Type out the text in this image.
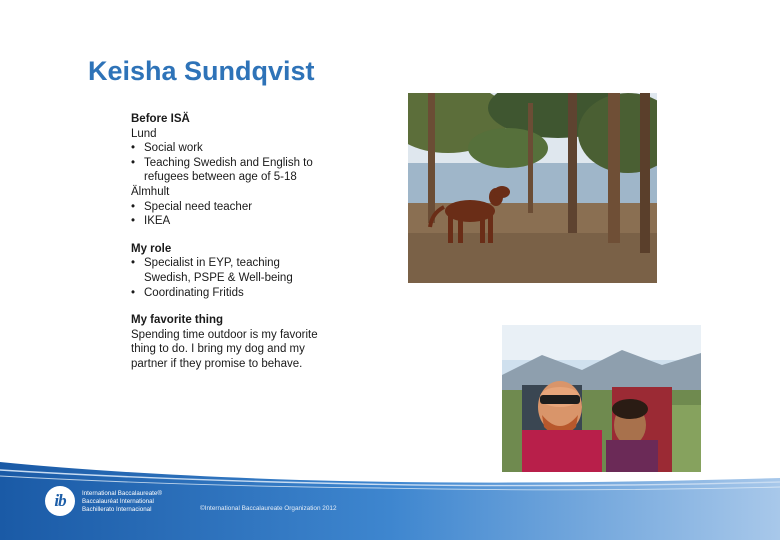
Keisha Sundqvist
Before ISÄ
Lund
• Social work
• Teaching Swedish and English to refugees between age of 5-18
Älmhult
• Special need teacher
• IKEA
My role
• Specialist in EYP, teaching Swedish, PSPE & Well-being
• Coordinating Fritids
My favorite thing
Spending time outdoor is my favorite thing to do. I bring my dog and my partner if they promise to behave.
ib	International Baccalaureate®
Baccalauréat International
Bachillerato Internacional	©International Baccalaureate Organization 2012
